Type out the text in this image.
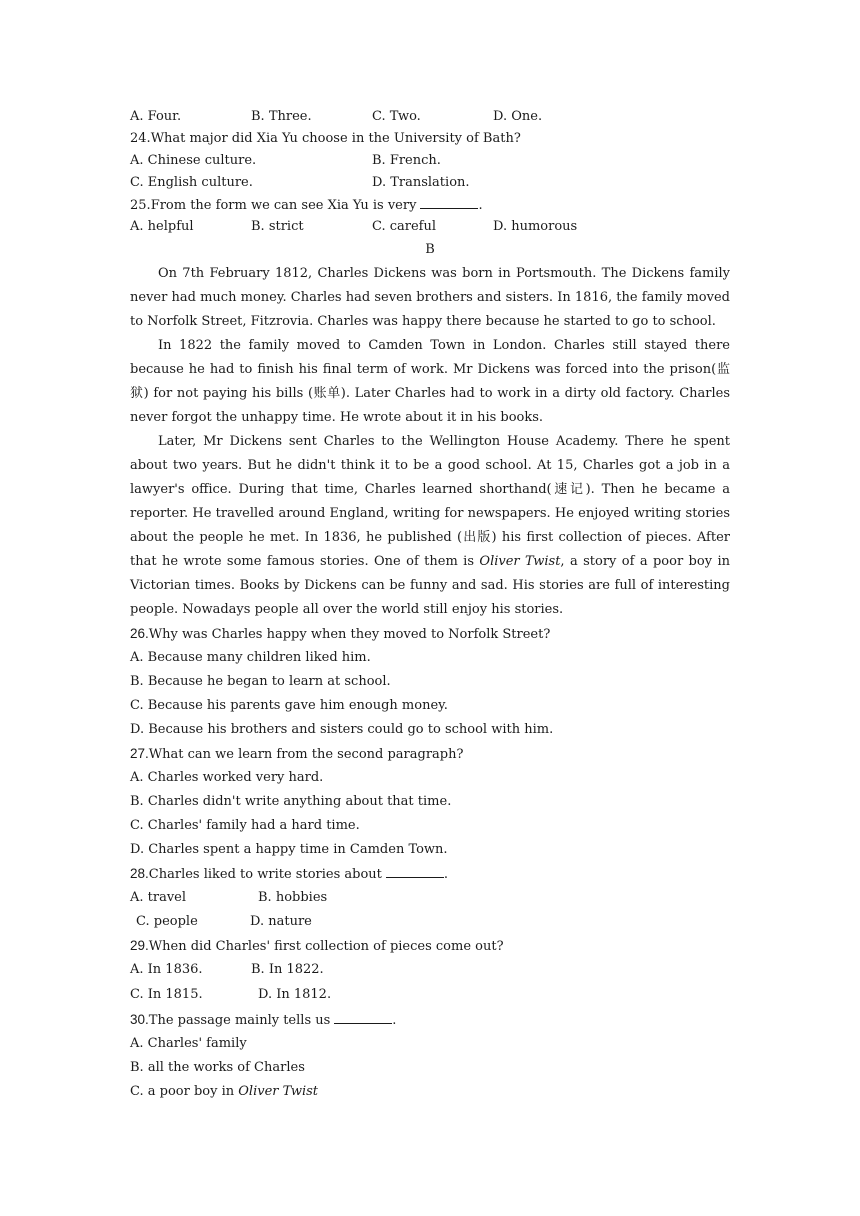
A. Four.	B. Three.	C. Two.	D. One.
24.What major did Xia Yu choose in the University of Bath?
A. Chinese culture.	B. French.
C. English culture.	D. Translation.
25.From the form we can see Xia Yu is very	.
A. helpful	B. strict	C. careful	D. humorous
B

On 7th February 1812, Charles Dickens was born in Portsmouth. The Dickens family never had much money. Charles had seven brothers and sisters. In 1816, the family moved to Norfolk Street, Fitzrovia. Charles was happy there because he started to go to school.

In 1822 the family moved to Camden Town in London. Charles still stayed there because he had to finish his final term of work. Mr Dickens was forced into the prison(监狱) for not paying his bills (账单). Later Charles had to work in a dirty old factory. Charles never forgot the unhappy time. He wrote about it in his books.

Later, Mr Dickens sent Charles to the Wellington House Academy. There he spent about two years. But he didn't think it to be a good school. At 15, Charles got a job in a lawyer's office. During that time, Charles learned shorthand(速记). Then he became a reporter. He travelled around England, writing for newspapers. He enjoyed writing stories about the people he met. In 1836, he published (出版) his first collection of pieces. After that he wrote some famous stories. One of them is Oliver Twist, a story of a poor boy in Victorian times. Books by Dickens can be funny and sad. His stories are full of interesting people. Nowadays people all over the world still enjoy his stories.

26.Why was Charles happy when they moved to Norfolk Street?
A. Because many children liked him.
B. Because he began to learn at school.
C. Because his parents gave him enough money.
D. Because his brothers and sisters could go to school with him.
27.What can we learn from the second paragraph?
A. Charles worked very hard.
B. Charles didn't write anything about that time.
C. Charles' family had a hard time.
D. Charles spent a happy time in Camden Town.
28.Charles liked to write stories about	.
A. travel	B. hobbies
C. people	D. nature
29.When did Charles' first collection of pieces come out?
A. In 1836.	B. In 1822.
C. In 1815.	D. In 1812.
30.The passage mainly tells us	.
A. Charles' family
B. all the works of Charles
C. a poor boy in Oliver Twist
